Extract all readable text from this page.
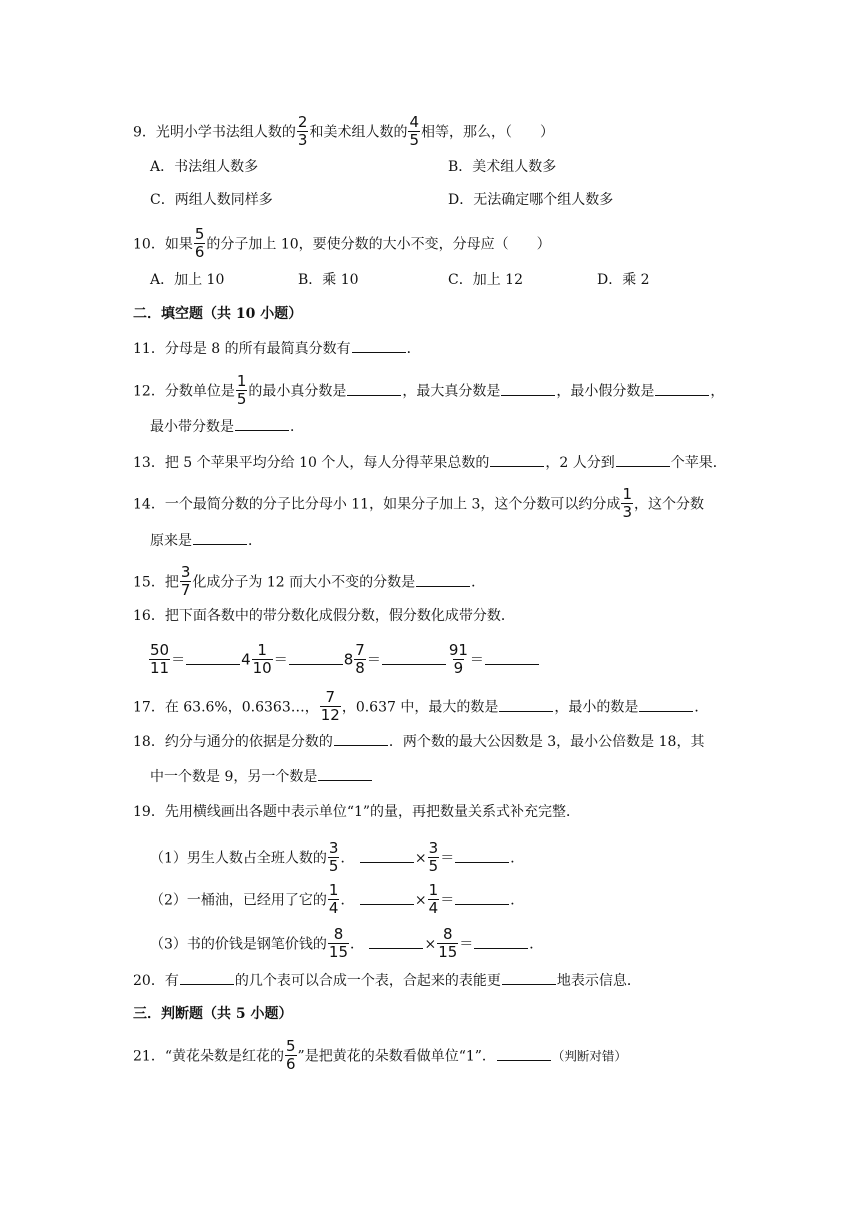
9．光明小学书法组人数的 $\frac{2}{3}$ 和美术组人数的 $\frac{4}{5}$ 相等，那么，（　　）
A．书法组人数多	B．美术组人数多
C．两组人数同样多	D．无法确定哪个组人数多
10．如果 $\frac{5}{6}$ 的分子加上 10，要使分数的大小不变，分母应（　　）
A．加上 10	B．乘 10	C．加上 12	D．乘 2
二．填空题（共 10 小题）
11．分母是 8 的所有最简真分数有	．
12．分数单位是 $\frac{1}{5}$ 的最小真分数是	，最大真分数是	，最小假分数是	，
最小带分数是	．
13．把 5 个苹果平均分给 10 个人，每人分得苹果总数的	，2 人分到	个苹果．
14．一个最简分数的分子比分母小 11，如果分子加上 3，这个分数可以约分成 $\frac{1}{3}$ ，这个分数
原来是	．
15．把 $\frac{3}{7}$ 化成分子为 12 而大小不变的分数是	．
16．把下面各数中的带分数化成假分数，假分数化成带分数．
$\frac{50}{11}$ ＝	$4 \frac{1}{10}$ ＝	$8 \frac{7}{8}$ ＝	$\frac{91}{9}$ ＝
17．在 63.6%，0.6363…， $\frac{7}{12}$ ，0.637 中，最大的数是	，最小的数是	．
18．约分与通分的依据是分数的	．两个数的最大公因数是 3，最小公倍数是 18，其
中一个数是 9，另一个数是
19．先用横线画出各题中表示单位“1”的量，再把数量关系式补充完整．
（1）男生人数占全班人数的 $\frac{3}{5}$ ．	× $\frac{3}{5}$ ＝	．
（2）一桶油，已经用了它的 $\frac{1}{4}$ ．	× $\frac{1}{4}$ ＝	．
（3）书的价钱是钢笔价钱的 $\frac{8}{15}$ ．	× $\frac{8}{15}$ ＝	．
20．有	的几个表可以合成一个表，合起来的表能更	地表示信息．
三．判断题（共 5 小题）
21．“黄花朵数是红花的 $\frac{5}{6}$ ”是把黄花的朵数看做单位“1”．	（判断对错）
